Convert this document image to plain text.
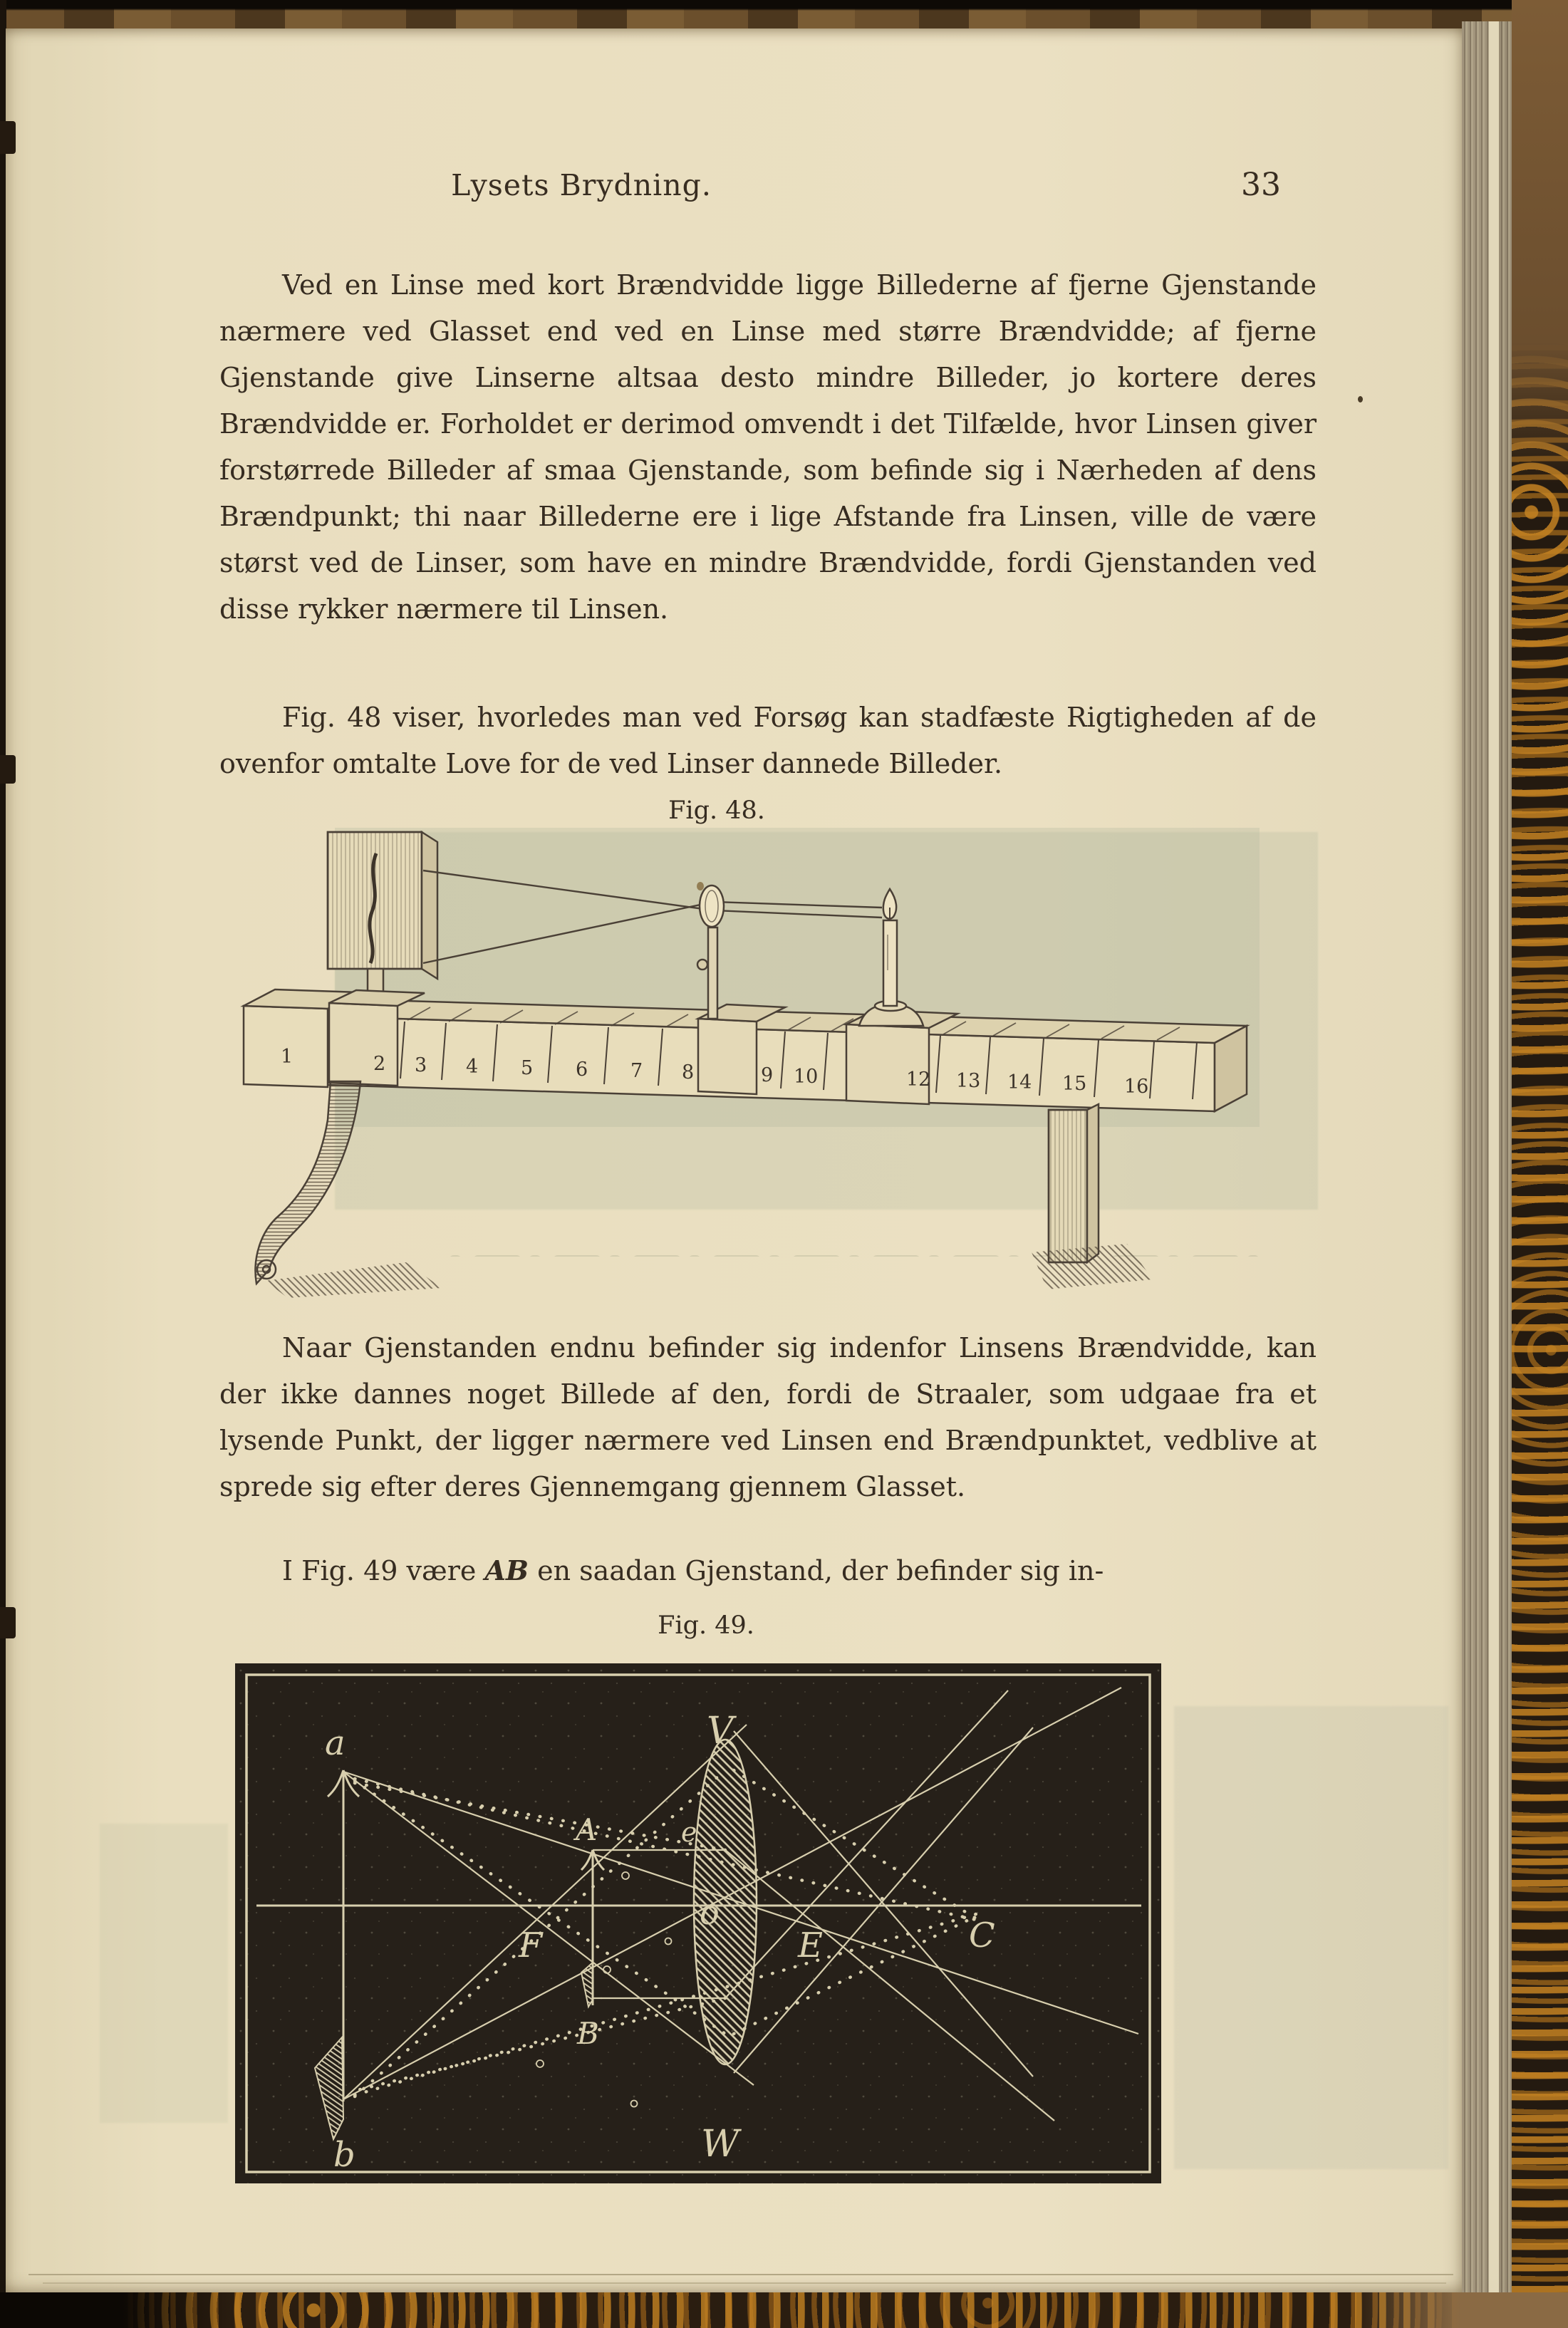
Lysets Brydning.	33
Ved en Linse med kort Brændvidde ligge Billederne af fjerne Gjenstande nærmere ved Glasset end ved en Linse med større Brændvidde; af fjerne Gjenstande give Linserne altsaa desto mindre Billeder, jo kortere deres Brændvidde er. Forholdet er derimod omvendt i det Tilfælde, hvor Linsen giver forstørrede Billeder af smaa Gjenstande, som befinde sig i Nærheden af dens Brændpunkt; thi naar Billederne ere i lige Afstande fra Linsen, ville de være størst ved de Linser, som have en mindre Brændvidde, fordi Gjenstanden ved disse rykker nærmere til Linsen.
Fig. 48 viser, hvorledes man ved Forsøg kan stadfæste Rigtigheden af de ovenfor omtalte Love for de ved Linser dannede Billeder.
Fig. 48.
1	2 3 4 5 6 7 8	9 10	12 13 14 15 16
Naar Gjenstanden endnu befinder sig indenfor Linsens Brændvidde, kan der ikke dannes noget Billede af den, fordi de Straaler, som udgaae fra et lysende Punkt, der ligger nærmere ved Linsen end Brændpunktet, vedblive at sprede sig efter deres Gjennemgang gjennem Glasset.
I Fig. 49 være AB en saadan Gjenstand, der befinder sig in-
Fig. 49.
a
b
A
B
V
W
e
o
F	E	C
